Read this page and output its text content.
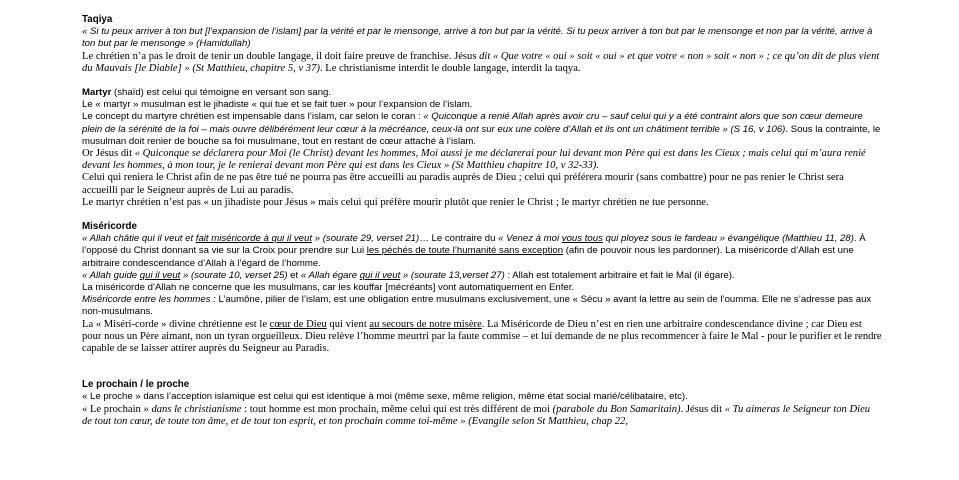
Taqiya

« Si tu peux arriver à ton but [l’expansion de l’islam] par la vérité et par le mensonge, arrive à ton but par la vérité. Si tu peux arriver à ton but par le mensonge et non par la vérité, arrive à ton but par le mensonge » (Hamidullah)

Le chrétien n’a pas le droit de tenir un double langage, il doit faire preuve de franchise. Jésus dit « Que votre « oui » soit « oui » et que votre « non » soit « non » ; ce qu’on dit de plus vient du Mauvais [le Diable] » (St Matthieu, chapitre 5, v 37). Le christianisme interdit le double langage, interdit la taqya.

Martyr (shaïd) est celui qui témoigne en versant son sang.

Le « martyr » musulman est le jihadiste « qui tue et se fait tuer » pour l’expansion de l’islam.

Le concept du martyre chrétien est impensable dans l’islam, car selon le coran : « Quiconque a renié Allah après avoir cru – sauf celui qui y a été contraint alors que son cœur demeure plein de la sérénité de la foi – mais ouvre délibérément leur cœur à la mécréance, ceux-là ont sur eux une colère d’Allah et ils ont un châtiment terrible » (S 16, v 106). Sous la contrainte, le musulman doit renier de bouche sa foi musulmane, tout en restant de cœur attaché à l’islam.

Or Jésus dit « Quiconque se déclarera pour Moi (le Christ) devant les hommes, Moi aussi je me déclarerai pour lui devant mon Père qui est dans les Cieux ; mais celui qui m’aura renié devant les hommes, à mon tour, je le renierai devant mon Père qui est dans les Cieux » (St Matthieu chapitre 10, v 32-33).

Celui qui reniera le Christ afin de ne pas être tué ne pourra pas être accueilli au paradis auprès de Dieu ; celui qui préférera mourir (sans combattre) pour ne pas renier le Christ sera accueilli par le Seigneur auprès de Lui au paradis.

Le martyr chrétien n’est pas « un jihadiste pour Jésus » mais celui qui préfère mourir plutôt que renier le Christ ; le martyr chrétien ne tue personne.

Miséricorde

« Allah châtie qui il veut et fait miséricorde à qui il veut » (sourate 29, verset 21)… Le contraire du « Venez à moi vous tous qui ployez sous le fardeau » évangélique (Matthieu 11, 28). À l’opposé du Christ donnant sa vie sur la Croix pour prendre sur Lui les péchés de toute l’humanité sans exception (afin de pouvoir nous les pardonner). La miséricorde d’Allah est une arbitraire condescendance d’Allah à l’égard de l’homme.

« Allah guide qui il veut » (sourate 10, verset 25) et « Allah égare qui il veut » (sourate 13,verset 27) : Allah est totalement arbitraire et fait le Mal (il égare).

La miséricorde d’Allah ne concerne que les musulmans, car les kouffar [mécréants] vont automatiquement en Enfer.

Miséricorde entre les hommes : L’aumône, pilier de l’islam, est une obligation entre musulmans exclusivement, une « Sécu » avant la lettre au sein de l’oumma. Elle ne s’adresse pas aux non-musulmans.

La « Miséri-corde » divine chrétienne est le cœur de Dieu qui vient au secours de notre misère. La Miséricorde de Dieu n’est en rien une arbitraire condescendance divine ; car Dieu est pour nous un Père aimant, non un tyran orgueilleux. Dieu relève l’homme meurtri par la faute commise – et lui demande de ne plus recommencer à faire le Mal - pour le purifier et le rendre capable de se laisser attirer auprès du Seigneur au Paradis.

Le prochain / le proche

« Le proche » dans l’acception islamique est celui qui est identique à moi (même sexe, même religion, même état social marié/célibataire, etc).

« Le prochain » dans le christianisme : tout homme est mon prochain, même celui qui est très différent de moi (parabole du Bon Samaritain). Jésus dit « Tu aimeras le Seigneur ton Dieu de tout ton cœur, de toute ton âme, et de tout ton esprit, et ton prochain comme toi-même » (Evangile selon St Matthieu, chap 22,
